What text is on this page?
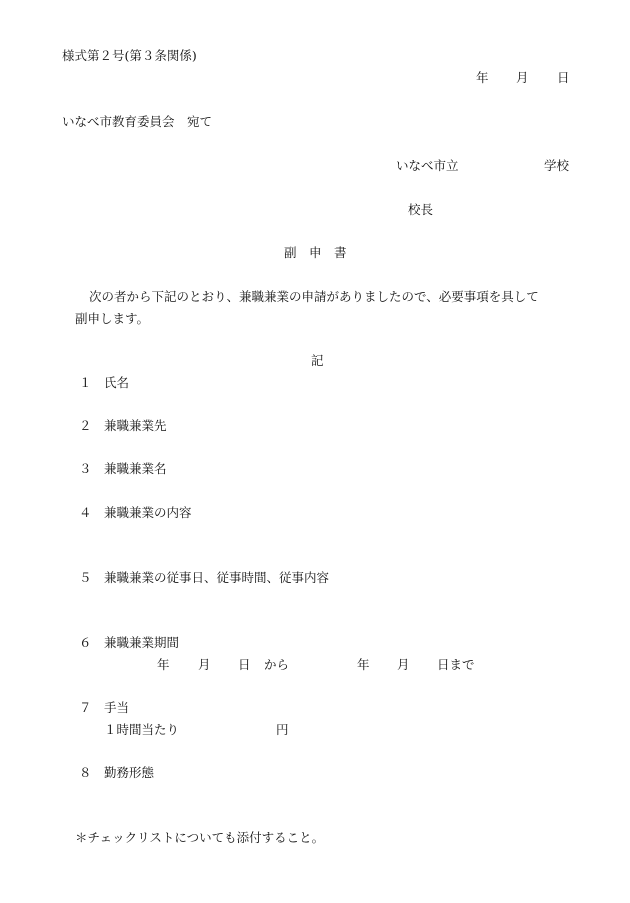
様式第２号(第３条関係)
年 月 日
いなべ市教育委員会　宛て
いなべ市立	学校
校長
副　申　書
次の者から下記のとおり、兼職兼業の申請がありましたので、必要事項を具して
副申します。
記
１ 氏名
２ 兼職兼業先
３ 兼職兼業名
４ 兼職兼業の内容
５ 兼職兼業の従事日、従事時間、従事内容
６ 兼職兼業期間
年 月 日 から	年 月 日まで
７ 手当
１時間当たり	円
８ 勤務形態
＊チェックリストについても添付すること。
